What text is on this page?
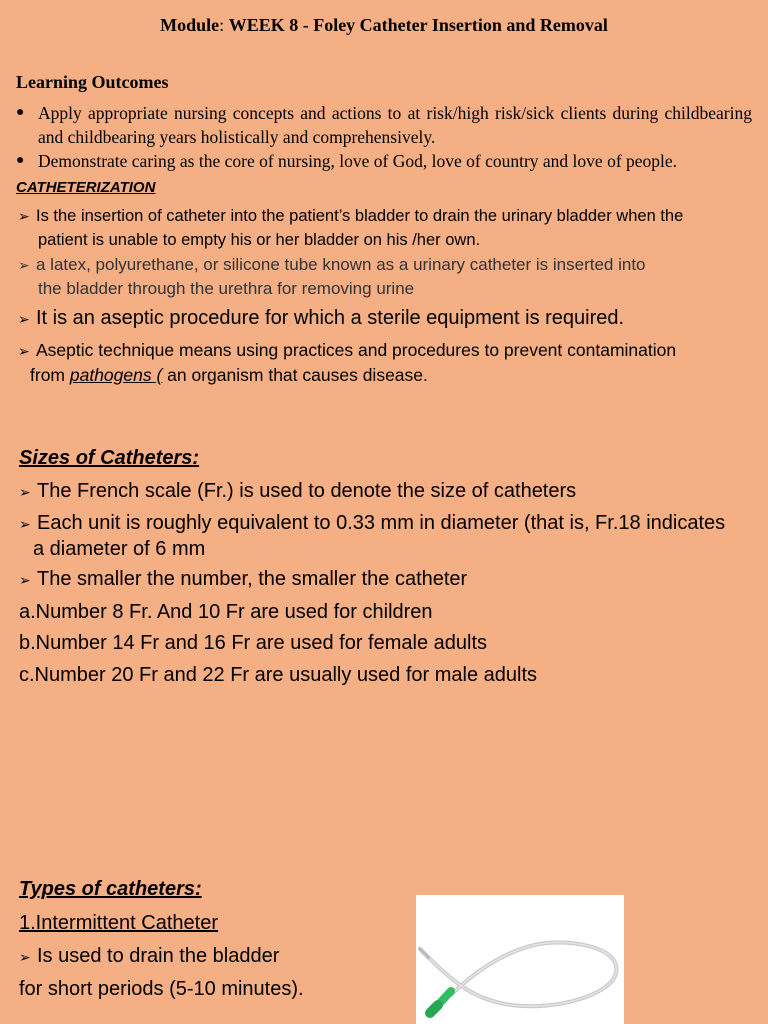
Module: WEEK 8 - Foley Catheter Insertion and Removal

Learning Outcomes

● Apply appropriate nursing concepts and actions to at risk/high risk/sick clients during childbearing and childbearing years holistically and comprehensively.
● Demonstrate caring as the core of nursing, love of God, love of country and love of people.

CATHETERIZATION

➢ Is the insertion of catheter into the patient’s bladder to drain the urinary bladder when the
patient is unable to empty his or her bladder on his /her own.

➢ a latex, polyurethane, or silicone tube known as a urinary catheter is inserted into
the bladder through the urethra for removing urine

➢ It is an aseptic procedure for which a sterile equipment is required.

➢ Aseptic technique means using practices and procedures to prevent contamination
from pathogens ( an organism that causes disease.

Sizes of Catheters:

➢ The French scale (Fr.) is used to denote the size of catheters

➢ Each unit is roughly equivalent to 0.33 mm in diameter (that is, Fr.18 indicates
a diameter of 6 mm

➢ The smaller the number, the smaller the catheter

a.Number 8 Fr. And 10 Fr are used for children

b.Number 14 Fr and 16 Fr are used for female adults

c.Number 20 Fr and 22 Fr are usually used for male adults

Types of catheters:

1.Intermittent Catheter

➢ Is used to drain the bladder

for short periods (5-10 minutes).
